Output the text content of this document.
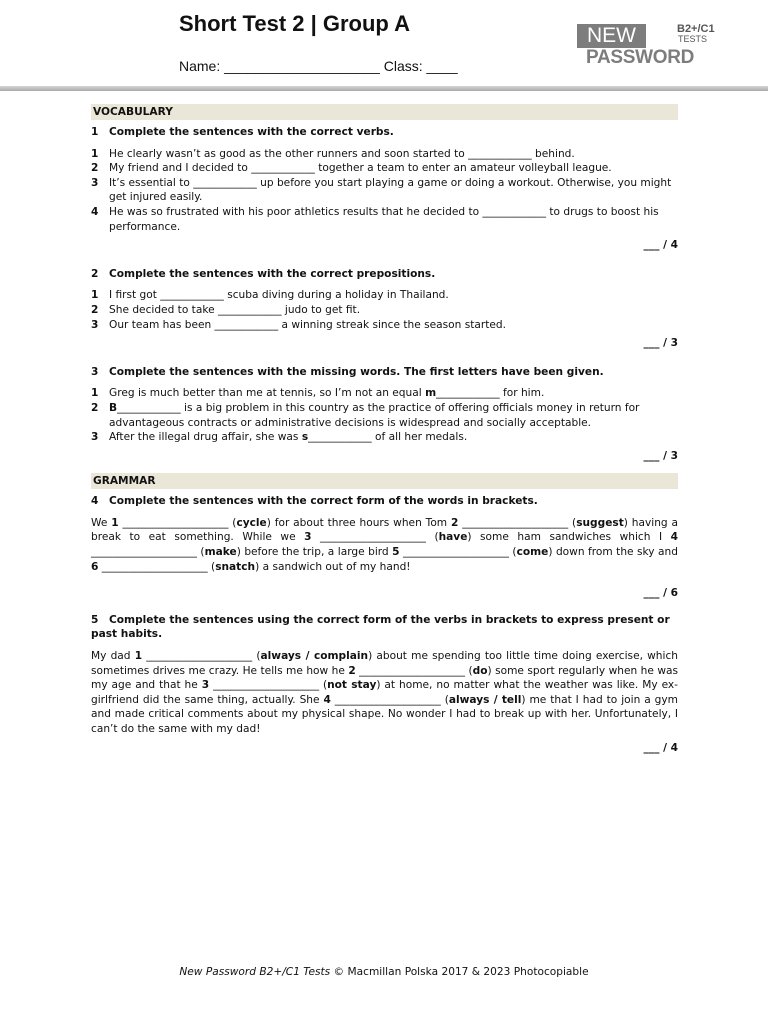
Short Test 2 | Group A
Name: ____________________ Class: ____
NEW	B2+/C1
TESTS
PASSWORD
VOCABULARY
1 Complete the sentences with the correct verbs.
1 He clearly wasn’t as good as the other runners and soon started to ____________ behind.
2 My friend and I decided to ____________ together a team to enter an amateur volleyball league.
3 It’s essential to ____________ up before you start playing a game or doing a workout. Otherwise, you might get injured easily.
4 He was so frustrated with his poor athletics results that he decided to ____________ to drugs to boost his performance.
___ / 4
2 Complete the sentences with the correct prepositions.
1 I first got ____________ scuba diving during a holiday in Thailand.
2 She decided to take ____________ judo to get fit.
3 Our team has been ____________ a winning streak since the season started.
___ / 3
3 Complete the sentences with the missing words. The first letters have been given.
1 Greg is much better than me at tennis, so I’m not an equal m____________ for him.
2 B____________ is a big problem in this country as the practice of offering officials money in return for advantageous contracts or administrative decisions is widespread and socially acceptable.
3 After the illegal drug affair, she was s____________ of all her medals.
___ / 3
GRAMMAR
4 Complete the sentences with the correct form of the words in brackets.
We 1 ____________________ (cycle) for about three hours when Tom 2 ____________________ (suggest) having a break to eat something. While we 3 ____________________ (have) some ham sandwiches which I 4 ____________________ (make) before the trip, a large bird 5 ____________________ (come) down from the sky and 6 ____________________ (snatch) a sandwich out of my hand!
___ / 6
5 Complete the sentences using the correct form of the verbs in brackets to express present or past habits.
My dad 1 ____________________ (always / complain) about me spending too little time doing exercise, which sometimes drives me crazy. He tells me how he 2 ____________________ (do) some sport regularly when he was my age and that he 3 ____________________ (not stay) at home, no matter what the weather was like. My ex-girlfriend did the same thing, actually. She 4 ____________________ (always / tell) me that I had to join a gym and made critical comments about my physical shape. No wonder I had to break up with her. Unfortunately, I can’t do the same with my dad!
___ / 4
New Password B2+/C1 Tests © Macmillan Polska 2017 & 2023 Photocopiable
